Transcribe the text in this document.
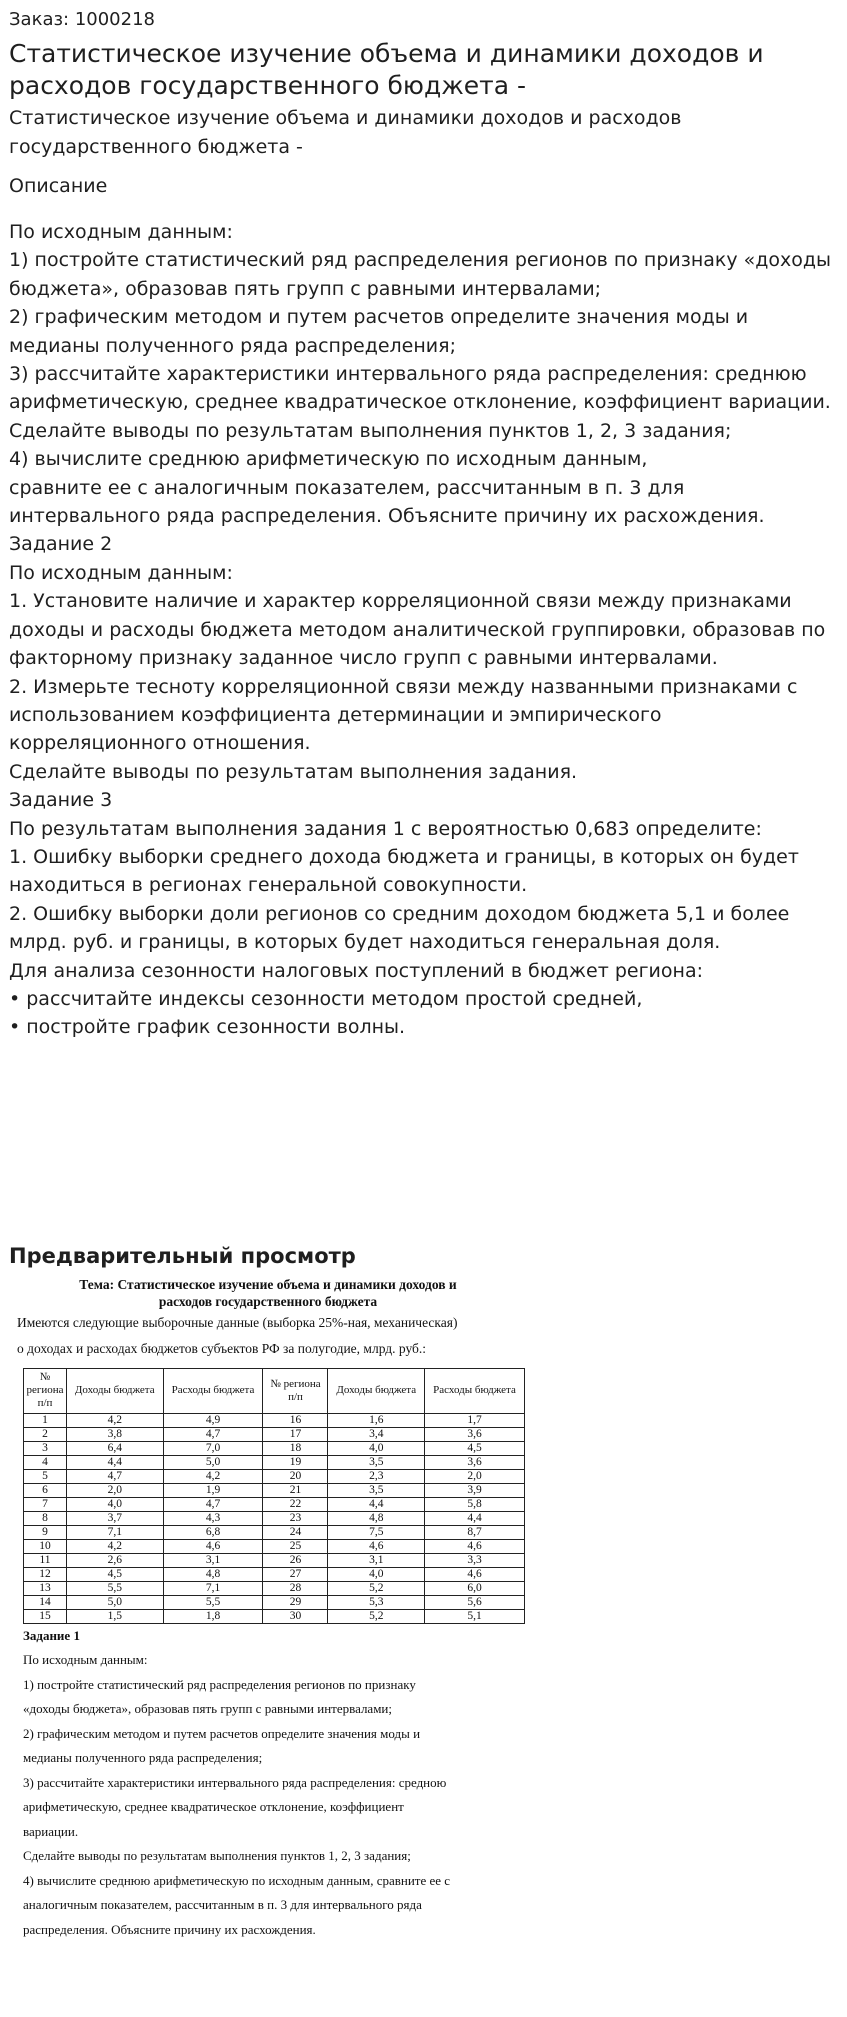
Заказ: 1000218

Статистическое изучение объема и динамики доходов и
расходов государственного бюджета -
Статистическое изучение объема и динамики доходов и расходов
государственного бюджета -
Описание
По исходным данным:
1) постройте статистический ряд распределения регионов по признаку «доходы
бюджета», образовав пять групп с равными интервалами;
2) графическим методом и путем расчетов определите значения моды и
медианы полученного ряда распределения;
3) рассчитайте характеристики интервального ряда распределения: среднюю
арифметическую, среднее квадратическое отклонение, коэффициент вариации.
Сделайте выводы по результатам выполнения пунктов 1, 2, 3 задания;
4) вычислите среднюю арифметическую по исходным данным,
сравните ее с аналогичным показателем, рассчитанным в п. 3 для
интервального ряда распределения. Объясните причину их расхождения.
Задание 2
По исходным данным:
1. Установите наличие и характер корреляционной связи между признаками
доходы и расходы бюджета методом аналитической группировки, образовав по
факторному признаку заданное число групп с равными интервалами.
2. Измерьте тесноту корреляционной связи между названными признаками с
использованием коэффициента детерминации и эмпирического
корреляционного отношения.
Сделайте выводы по результатам выполнения задания.
Задание 3
По результатам выполнения задания 1 с вероятностью 0,683 определите:
1. Ошибку выборки среднего дохода бюджета и границы, в которых он будет
находиться в регионах генеральной совокупности.
2. Ошибку выборки доли регионов со средним доходом бюджета 5,1 и более
млрд. руб. и границы, в которых будет находиться генеральная доля.
Для анализа сезонности налоговых поступлений в бюджет региона:
• рассчитайте индексы сезонности методом простой средней,
• постройте график сезонности волны.
Предварительный просмотр
Тема: Статистическое изучение объема и динамики доходов и
расходов государственного бюджета
Имеются следующие выборочные данные (выборка 25%-ная, механическая)
о доходах и расходах бюджетов субъектов РФ за полугодие, млрд. руб.:
№ региона п/п	Доходы бюджета	Расходы бюджета	№ региона п/п	Доходы бюджета	Расходы бюджета
1	4,2	4,9	16	1,6	1,7
2	3,8	4,7	17	3,4	3,6
3	6,4	7,0	18	4,0	4,5
4	4,4	5,0	19	3,5	3,6
5	4,7	4,2	20	2,3	2,0
6	2,0	1,9	21	3,5	3,9
7	4,0	4,7	22	4,4	5,8
8	3,7	4,3	23	4,8	4,4
9	7,1	6,8	24	7,5	8,7
10	4,2	4,6	25	4,6	4,6
11	2,6	3,1	26	3,1	3,3
12	4,5	4,8	27	4,0	4,6
13	5,5	7,1	28	5,2	6,0
14	5,0	5,5	29	5,3	5,6
15	1,5	1,8	30	5,2	5,1
Задание 1
По исходным данным:
1) постройте статистический ряд распределения регионов по признаку
«доходы бюджета», образовав пять групп с равными интервалами;
2) графическим методом и путем расчетов определите значения моды и
медианы полученного ряда распределения;
3) рассчитайте характеристики интервального ряда распределения: средною
арифметическую, среднее квадратическое отклонение, коэффициент
вариации.
Сделайте выводы по результатам выполнения пунктов 1, 2, 3 задания;
4) вычислите среднюю арифметическую по исходным данным, сравните ее с
аналогичным показателем, рассчитанным в п. 3 для интервального ряда
распределения. Объясните причину их расхождения.
